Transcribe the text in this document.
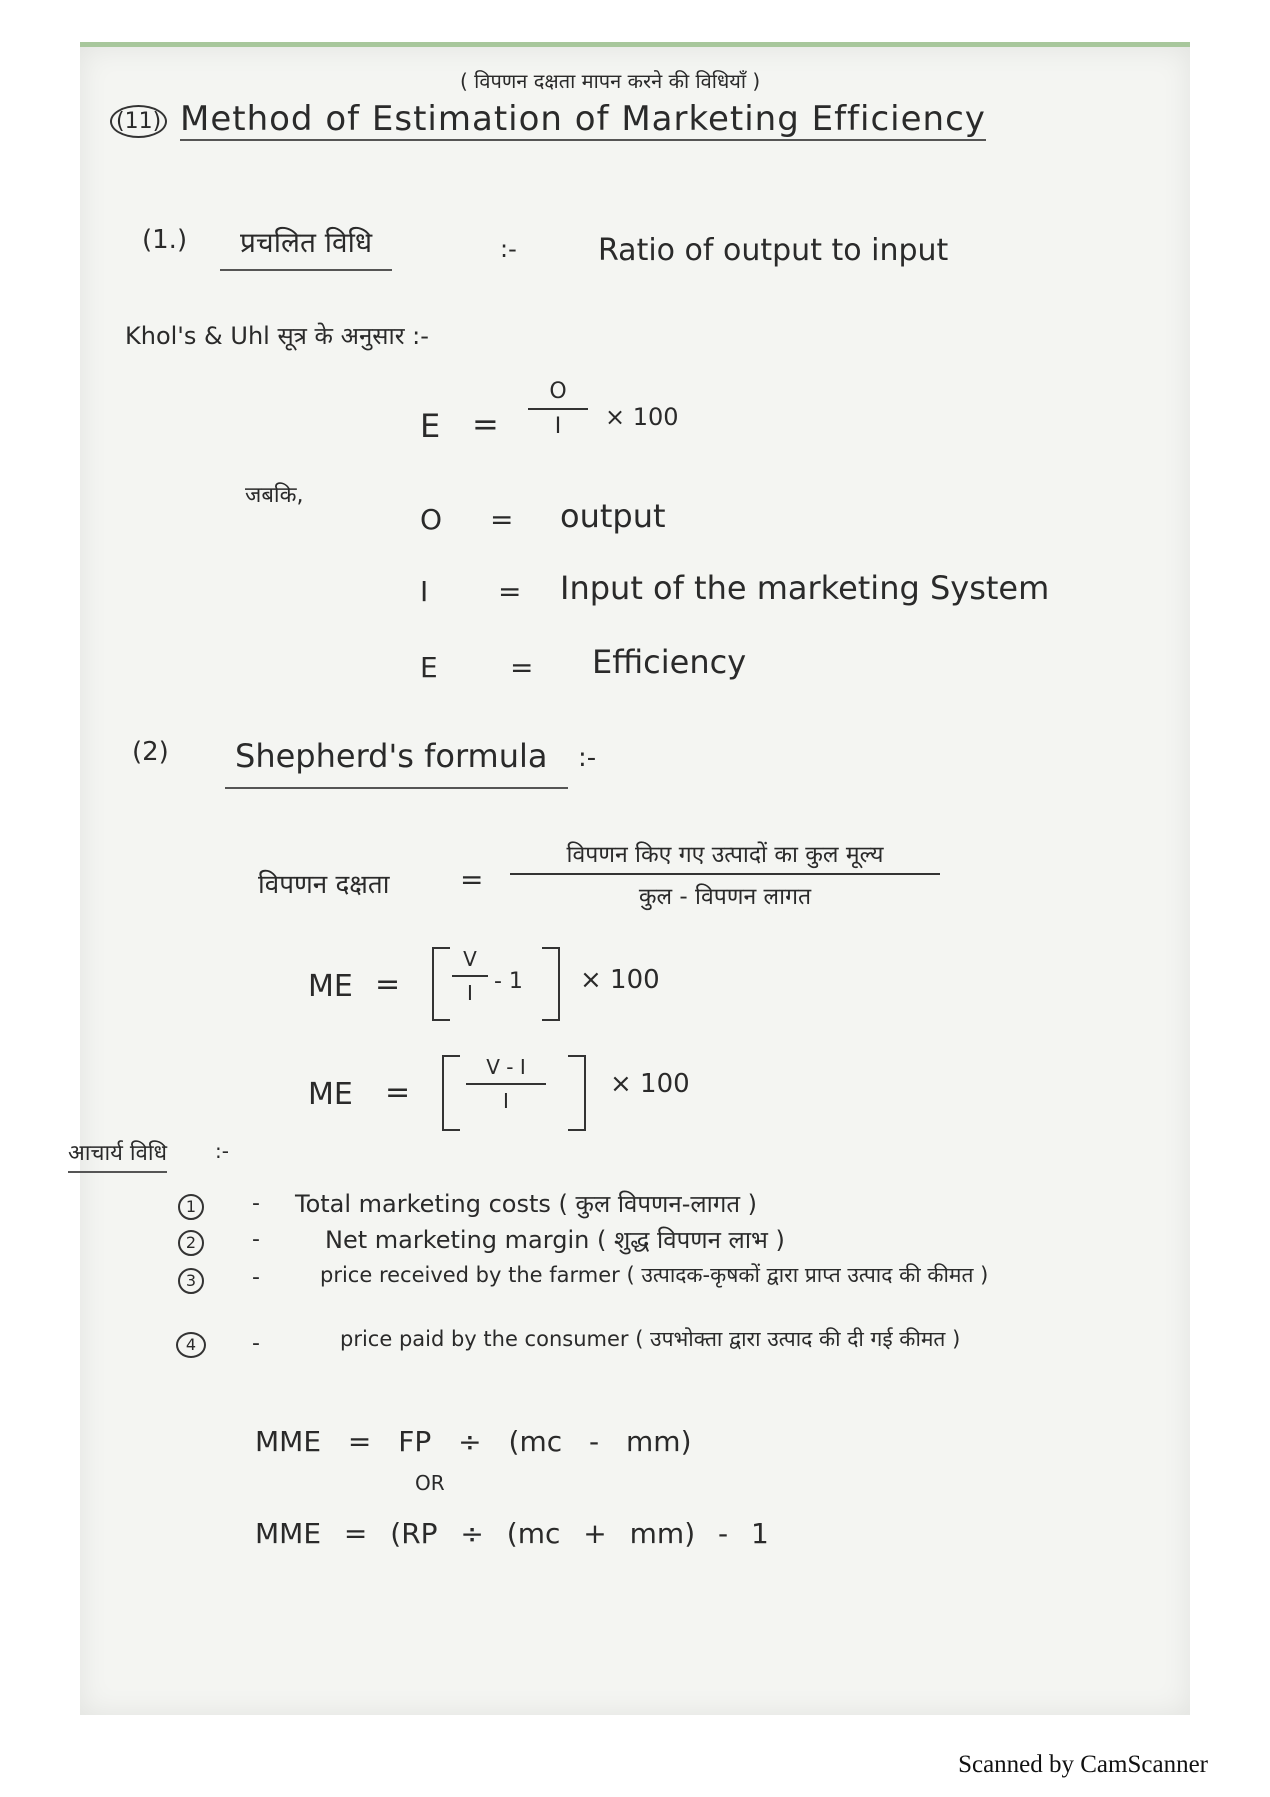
( विपणन दक्षता मापन करने की विधियाँ )
(11) Method of Estimation of Marketing Efficiency
(1.)	प्रचलित विधि	:-	Ratio of output to input
Khol's & Uhl सूत्र के अनुसार :-
$E = \frac{O}{I} \times 100$
जबकि,
O = output
I = Input of the marketing System
E	= Efficiency
(2)	Shepherd's formula	:-
विपणन दक्षता	=
विपणन किए गए उत्पादों का कुल मूल्य
कुल - विपणन लागत
ME =	$\frac{V}{I} - 1 \times 100$
ME =	$\frac{V - I}{I} \times 100$
आचार्य विधि :-
1	- Total marketing costs ( कुल विपणन-लागत )
2	-	Net marketing margin ( शुद्ध विपणन लाभ )
3	-	price received by the farmer ( उत्पादक-कृषकों द्वारा प्राप्त उत्पाद की कीमत )
4	-	price paid by the consumer ( उपभोक्ता द्वारा उत्पाद की दी गई कीमत )
MME = FP ÷ (mc - mm)
OR
MME = (RP ÷ (mc + mm) - 1
Scanned by CamScanner
